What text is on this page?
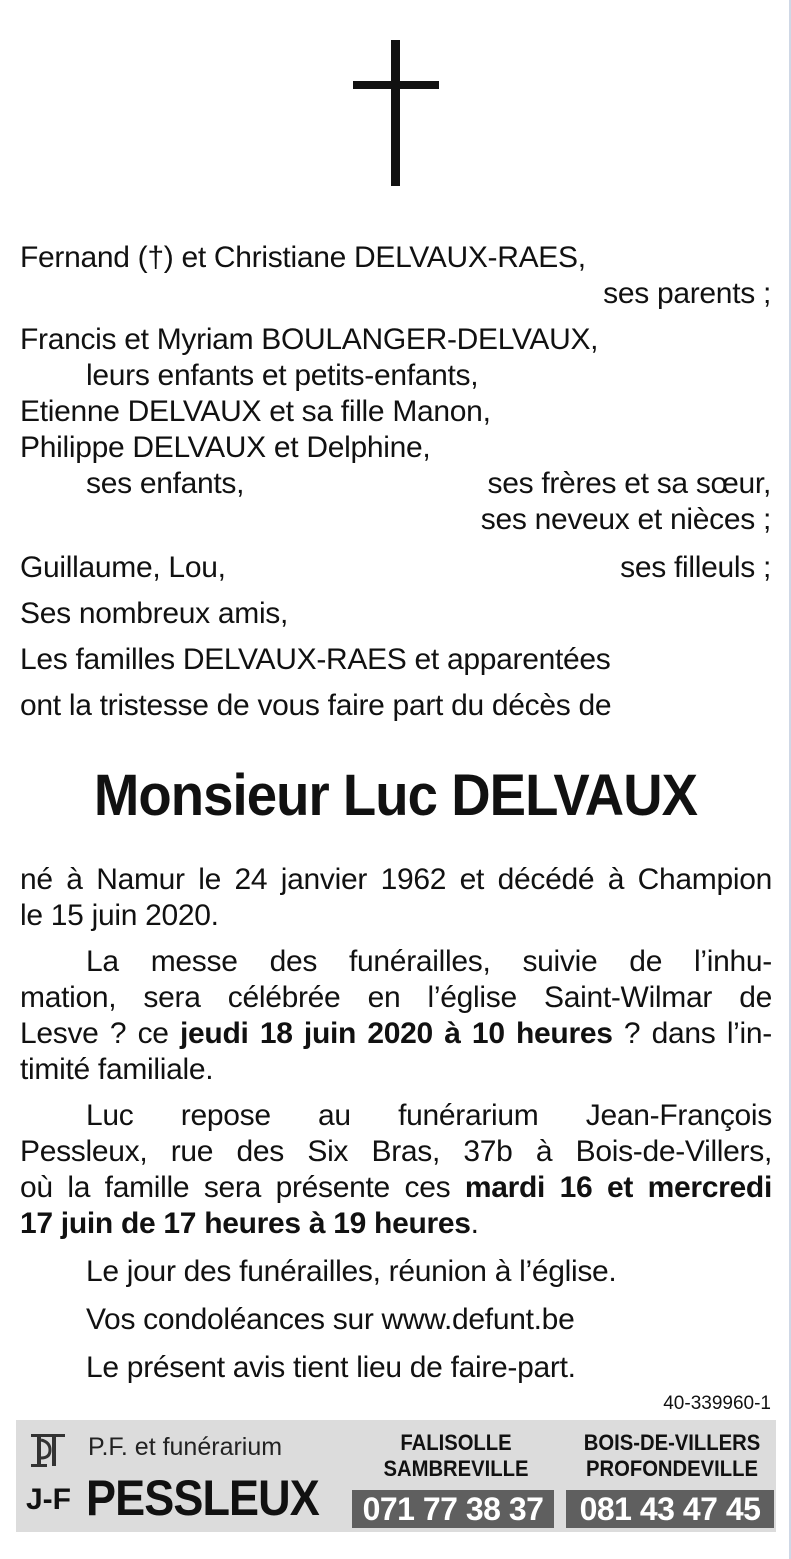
Fernand (†) et Christiane DELVAUX-RAES,
ses parents ;
Francis et Myriam BOULANGER-DELVAUX,
leurs enfants et petits-enfants,
Etienne DELVAUX et sa fille Manon,
Philippe DELVAUX et Delphine,
ses enfants,	ses frères et sa sœur,
ses neveux et nièces ;
Guillaume, Lou,	ses filleuls ;
Ses nombreux amis,
Les familles DELVAUX-RAES et apparentées
ont la tristesse de vous faire part du décès de
Monsieur Luc DELVAUX
né à Namur le 24 janvier 1962 et décédé à Champion
le 15 juin 2020.
La messe des funérailles, suivie de l’inhu-
mation, sera célébrée en l’église Saint-Wilmar de
Lesve ? ce jeudi 18 juin 2020 à 10 heures ? dans l’in-
timité familiale.
Luc repose au funérarium Jean-François
Pessleux, rue des Six Bras, 37b à Bois-de-Villers,
où la famille sera présente ces mardi 16 et mercredi
17 juin de 17 heures à 19 heures.
Le jour des funérailles, réunion à l’église.
Vos condoléances sur www.defunt.be
Le présent avis tient lieu de faire-part.
40-339960-1
P.F. et funérarium
J-F PESSLEUX
FALISOLLE
SAMBREVILLE
071 77 38 37
BOIS-DE-VILLERS
PROFONDEVILLE
081 43 47 45
